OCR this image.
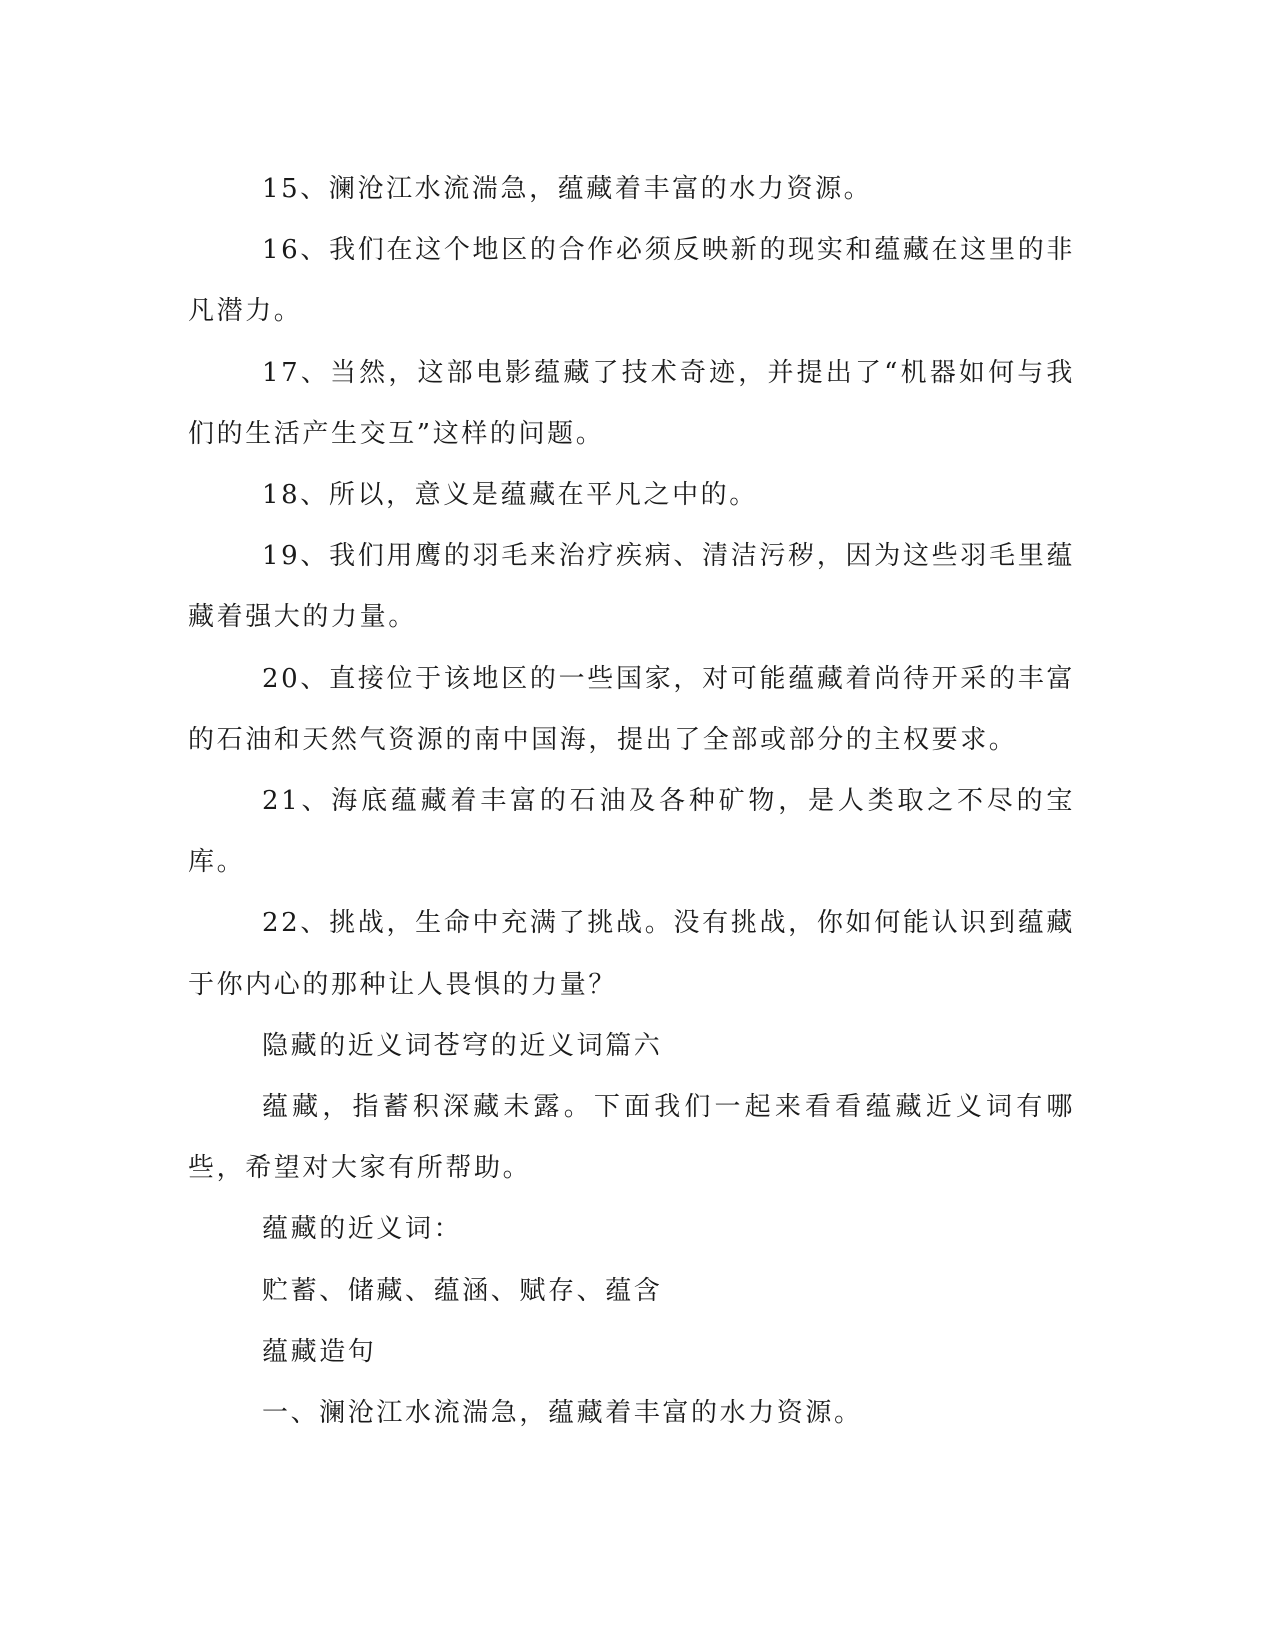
15、澜沧江水流湍急，蕴藏着丰富的水力资源。

16、我们在这个地区的合作必须反映新的现实和蕴藏在这里的非凡潜力。

17、当然，这部电影蕴藏了技术奇迹，并提出了“机器如何与我们的生活产生交互”这样的问题。

18、所以，意义是蕴藏在平凡之中的。

19、我们用鹰的羽毛来治疗疾病、清洁污秽，因为这些羽毛里蕴藏着强大的力量。

20、直接位于该地区的一些国家，对可能蕴藏着尚待开采的丰富的石油和天然气资源的南中国海，提出了全部或部分的主权要求。

21、海底蕴藏着丰富的石油及各种矿物，是人类取之不尽的宝库。

22、挑战，生命中充满了挑战。没有挑战，你如何能认识到蕴藏于你内心的那种让人畏惧的力量？

隐藏的近义词苍穹的近义词篇六

蕴藏，指蓄积深藏未露。下面我们一起来看看蕴藏近义词有哪些，希望对大家有所帮助。

蕴藏的近义词：

贮蓄、储藏、蕴涵、赋存、蕴含

蕴藏造句

一、澜沧江水流湍急，蕴藏着丰富的水力资源。
